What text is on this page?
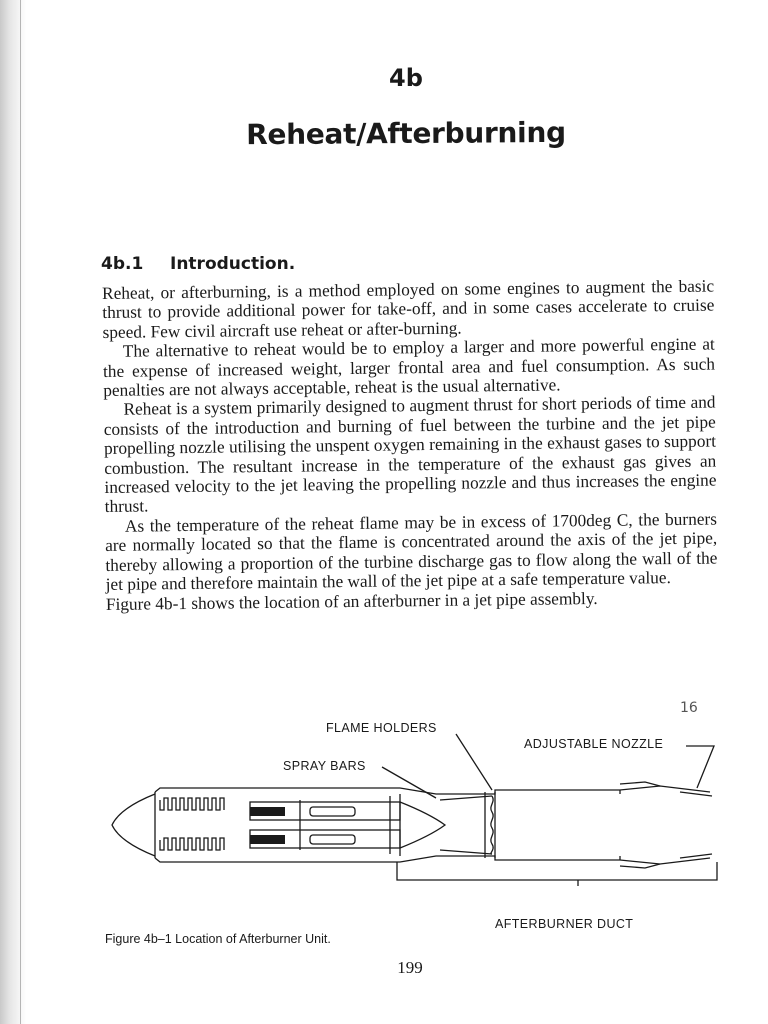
4b
Reheat/Afterburning
4b.1 Introduction.

Reheat, or afterburning, is a method employed on some engines to augment the basic thrust to provide additional power for take-off, and in some cases accelerate to cruise speed. Few civil aircraft use reheat or after-burning.

The alternative to reheat would be to employ a larger and more powerful engine at the expense of increased weight, larger frontal area and fuel consumption. As such penalties are not always acceptable, reheat is the usual alternative.

Reheat is a system primarily designed to augment thrust for short periods of time and consists of the introduction and burning of fuel between the turbine and the jet pipe propelling nozzle utilising the unspent oxygen remaining in the exhaust gases to support combustion. The resultant increase in the temperature of the exhaust gas gives an increased velocity to the jet leaving the propelling nozzle and thus increases the engine thrust.

As the temperature of the reheat flame may be in excess of 1700deg C, the burners are normally located so that the flame is concentrated around the axis of the jet pipe, thereby allowing a proportion of the turbine discharge gas to flow along the wall of the jet pipe and therefore maintain the wall of the jet pipe at a safe temperature value.

Figure 4b-1 shows the location of an afterburner in a jet pipe assembly.

16
FLAME HOLDERS
SPRAY BARS
ADJUSTABLE NOZZLE
AFTERBURNER DUCT
Figure 4b–1 Location of Afterburner Unit.
199
